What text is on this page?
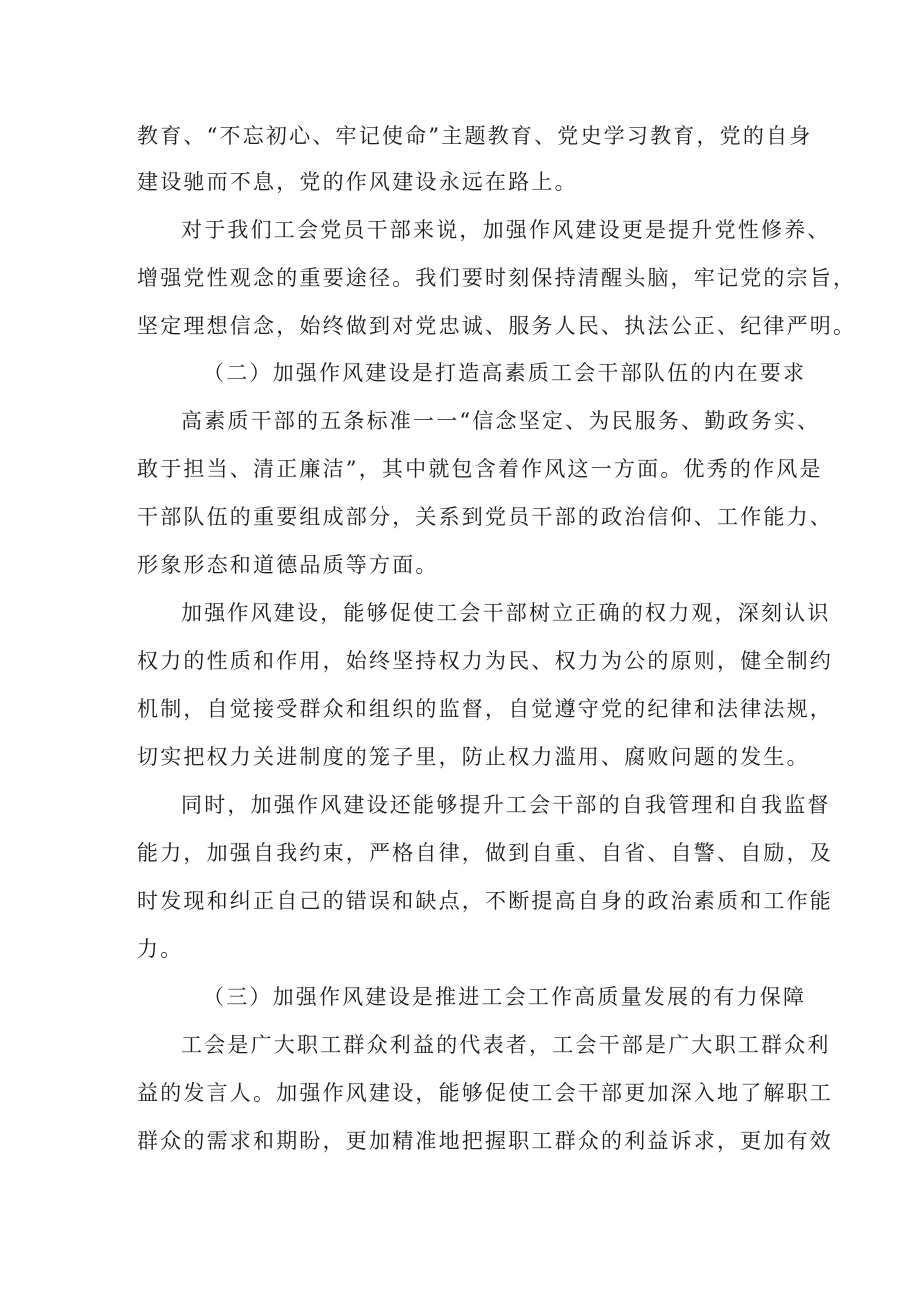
教育、“不忘初心、牢记使命”主题教育、党史学习教育，党的自身
建设驰而不息，党的作风建设永远在路上。
对于我们工会党员干部来说，加强作风建设更是提升党性修养、
增强党性观念的重要途径。我们要时刻保持清醒头脑，牢记党的宗旨，
坚定理想信念，始终做到对党忠诚、服务人民、执法公正、纪律严明。
（二）加强作风建设是打造高素质工会干部队伍的内在要求
高素质干部的五条标准一一“信念坚定、为民服务、勤政务实、
敢于担当、清正廉洁”，其中就包含着作风这一方面。优秀的作风是
干部队伍的重要组成部分，关系到党员干部的政治信仰、工作能力、
形象形态和道德品质等方面。
加强作风建设，能够促使工会干部树立正确的权力观，深刻认识
权力的性质和作用，始终坚持权力为民、权力为公的原则，健全制约
机制，自觉接受群众和组织的监督，自觉遵守党的纪律和法律法规，
切实把权力关进制度的笼子里，防止权力滥用、腐败问题的发生。
同时，加强作风建设还能够提升工会干部的自我管理和自我监督
能力，加强自我约束，严格自律，做到自重、自省、自警、自励，及
时发现和纠正自己的错误和缺点，不断提高自身的政治素质和工作能
力。
（三）加强作风建设是推进工会工作高质量发展的有力保障
工会是广大职工群众利益的代表者，工会干部是广大职工群众利
益的发言人。加强作风建设，能够促使工会干部更加深入地了解职工
群众的需求和期盼，更加精准地把握职工群众的利益诉求，更加有效
